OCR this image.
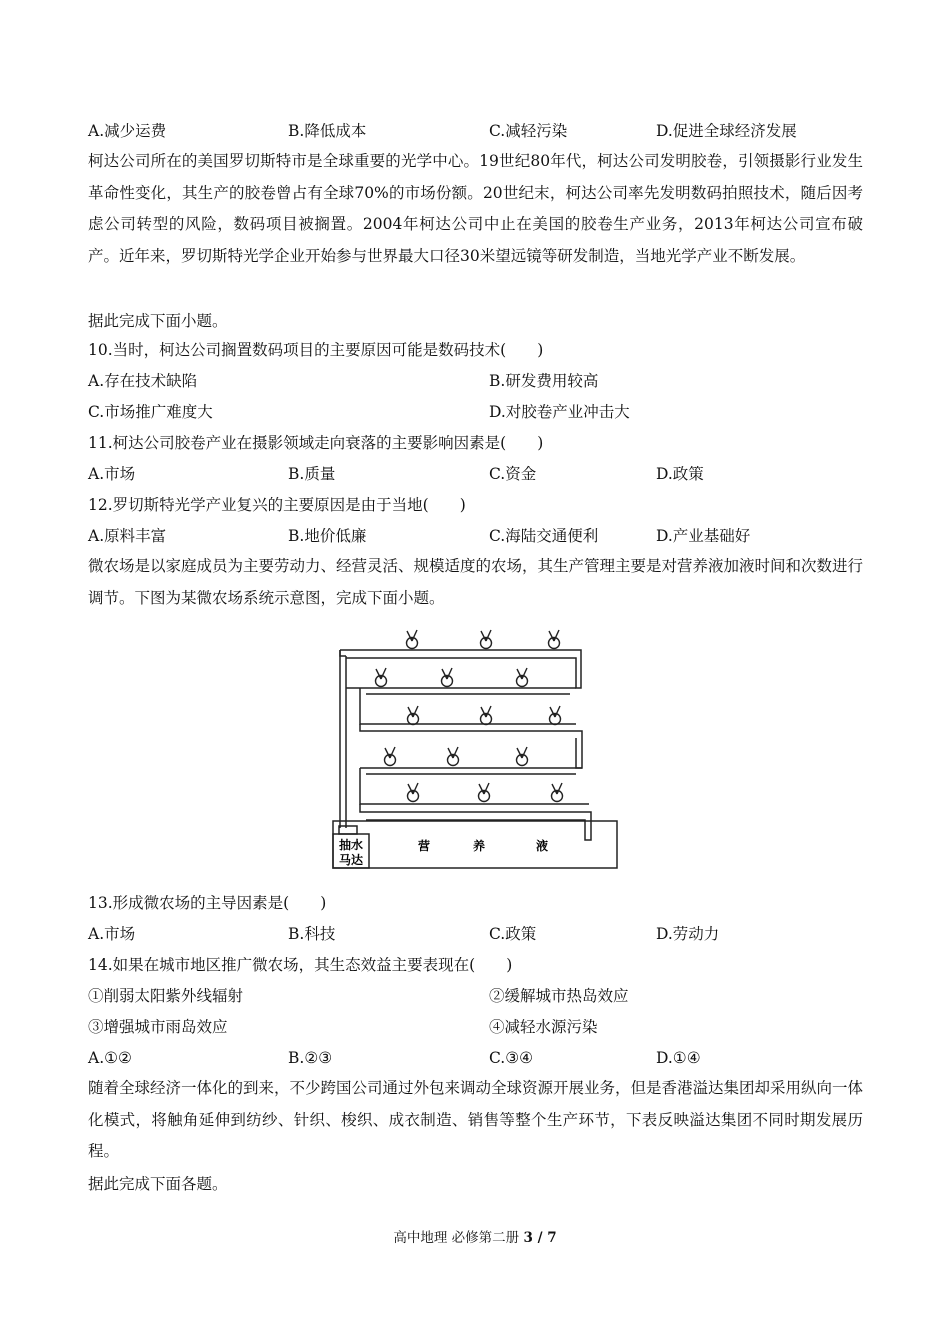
A.减少运费	B.降低成本	C.减轻污染	D.促进全球经济发展
柯达公司所在的美国罗切斯特市是全球重要的光学中心。19世纪80年代，柯达公司发明胶卷，引领摄影行业发生革命性变化，其生产的胶卷曾占有全球70%的市场份额。20世纪末，柯达公司率先发明数码拍照技术，随后因考虑公司转型的风险，数码项目被搁置。2004年柯达公司中止在美国的胶卷生产业务，2013年柯达公司宣布破产。近年来，罗切斯特光学企业开始参与世界最大口径30米望远镜等研发制造，当地光学产业不断发展。
据此完成下面小题。
10.当时，柯达公司搁置数码项目的主要原因可能是数码技术(　　)
A.存在技术缺陷	B.研发费用较高
C.市场推广难度大	D.对胶卷产业冲击大
11.柯达公司胶卷产业在摄影领域走向衰落的主要影响因素是(　　)
A.市场	B.质量	C.资金	D.政策
12.罗切斯特光学产业复兴的主要原因是由于当地(　　)
A.原料丰富	B.地价低廉	C.海陆交通便利	D.产业基础好
微农场是以家庭成员为主要劳动力、经营灵活、规模适度的农场，其生产管理主要是对营养液加液时间和次数进行调节。下图为某微农场系统示意图，完成下面小题。
抽水
马达
营	养	液
13.形成微农场的主导因素是(　　)
A.市场	B.科技	C.政策	D.劳动力
14.如果在城市地区推广微农场，其生态效益主要表现在(　　)
①削弱太阳紫外线辐射	②缓解城市热岛效应
③增强城市雨岛效应	④减轻水源污染
A.①②	B.②③	C.③④	D.①④
随着全球经济一体化的到来，不少跨国公司通过外包来调动全球资源开展业务，但是香港溢达集团却采用纵向一体化模式，将触角延伸到纺纱、针织、梭织、成衣制造、销售等整个生产环节，下表反映溢达集团不同时期发展历程。
据此完成下面各题。
高中地理 必修第二册 3 / 7
